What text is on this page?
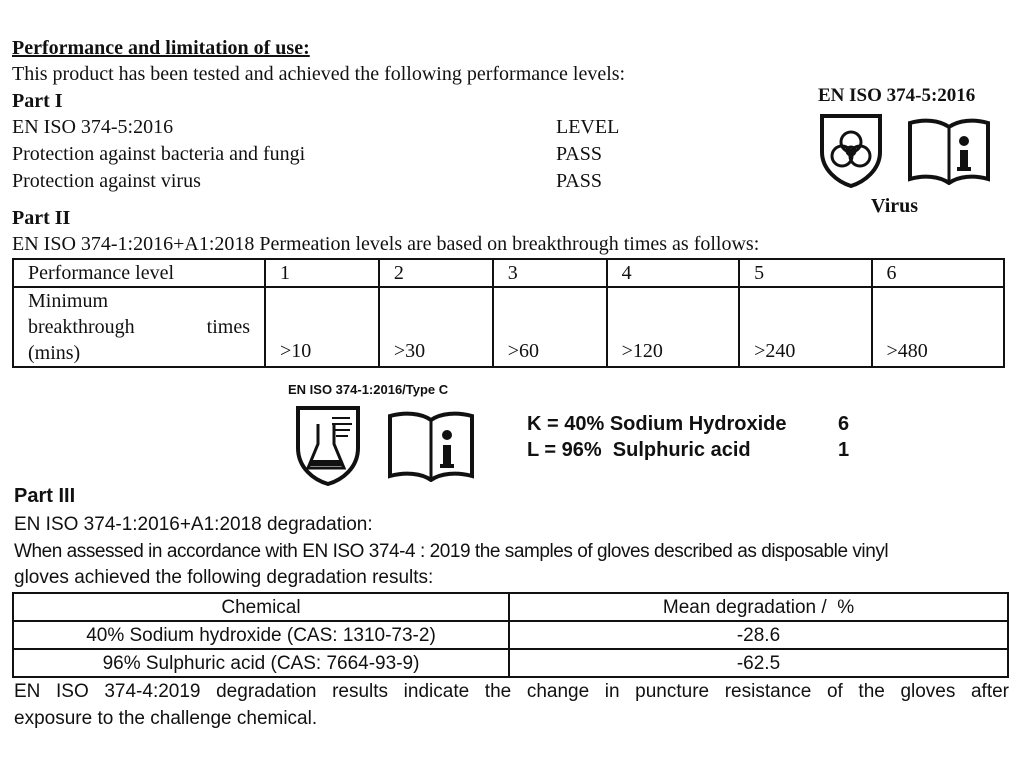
Performance and limitation of use:
This product has been tested and achieved the following performance levels:
Part I
EN ISO 374-5:2016	LEVEL
Protection against bacteria and fungi	PASS
Protection against virus	PASS
EN ISO 374-5:2016
Virus
Part II
EN ISO 374-1:2016+A1:2018 Permeation levels are based on breakthrough times as follows:
Performance level	1	2	3	4	5	6

Minimum
breakthrough times
(mins)	>10	>30	>60	>120	>240	>480
EN ISO 374-1:2016/Type C
K = 40% Sodium Hydroxide	6
L = 96%  Sulphuric acid	1
Part III
EN ISO 374-1:2016+A1:2018 degradation:
When assessed in accordance with EN ISO 374-4 : 2019 the samples of gloves described as disposable vinyl
gloves achieved the following degradation results:
Chemical	Mean degradation /  %
40% Sodium hydroxide (CAS: 1310-73-2)	-28.6
96% Sulphuric acid (CAS: 7664-93-9)	-62.5
EN ISO 374-4:2019 degradation results indicate the change in puncture resistance of the gloves after
exposure to the challenge chemical.
